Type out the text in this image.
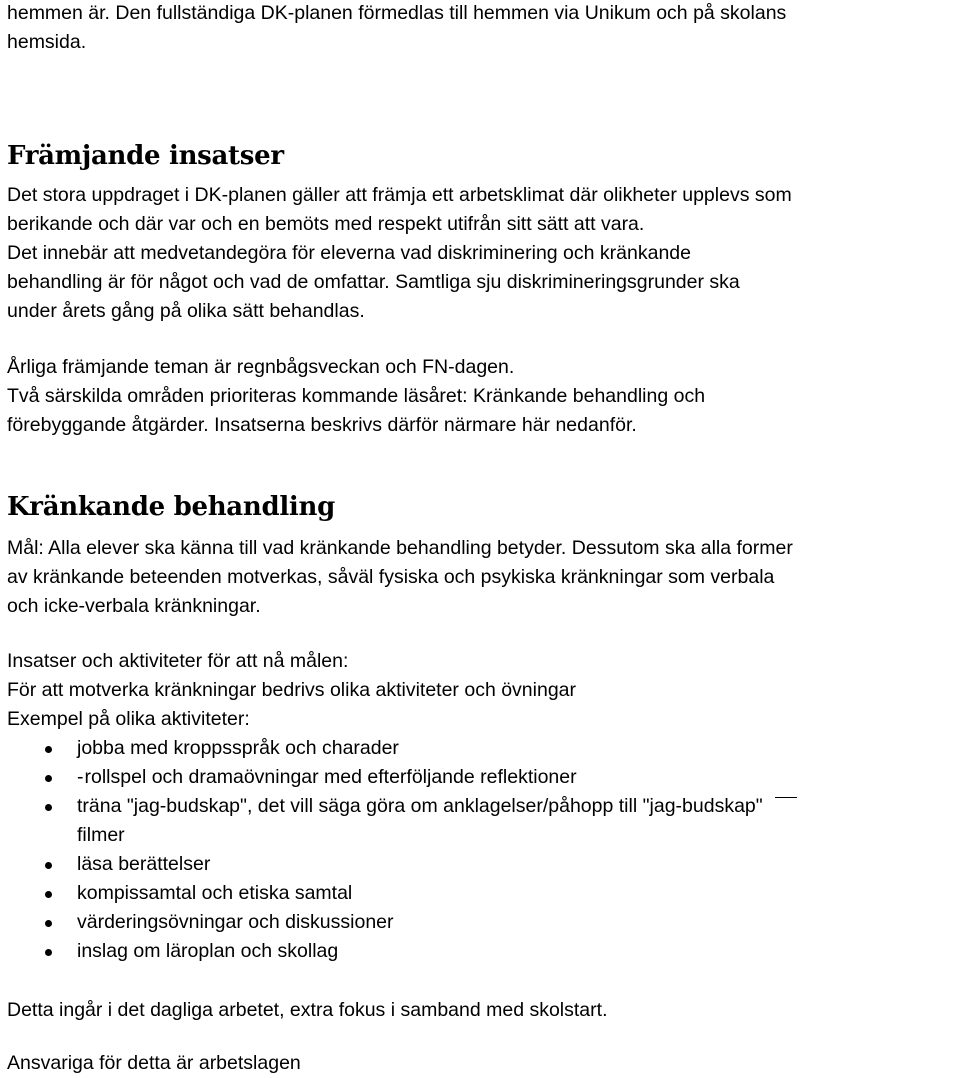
hemmen är. Den fullständiga DK-planen förmedlas till hemmen via Unikum och på skolans

hemsida.

Främjande insatser

Det stora uppdraget i DK-planen gäller att främja ett arbetsklimat där olikheter upplevs som

berikande och där var och en bemöts med respekt utifrån sitt sätt att vara.

Det innebär att medvetandegöra för eleverna vad diskriminering och kränkande

behandling är för något och vad de omfattar. Samtliga sju diskrimineringsgrunder ska

under årets gång på olika sätt behandlas.

Årliga främjande teman är regnbågsveckan och FN-dagen.

Två särskilda områden prioriteras kommande läsåret: Kränkande behandling och

förebyggande åtgärder. Insatserna beskrivs därför närmare här nedanför.

Kränkande behandling

Mål: Alla elever ska känna till vad kränkande behandling betyder. Dessutom ska alla former

av kränkande beteenden motverkas, såväl fysiska och psykiska kränkningar som verbala

och icke-verbala kränkningar.

Insatser och aktiviteter för att nå målen:

För att motverka kränkningar bedrivs olika aktiviteter och övningar

Exempel på olika aktiviteter:

jobba med kroppsspråk och charader
-rollspel och dramaövningar med efterföljande reflektioner
träna "jag-budskap", det vill säga göra om anklagelser/påhopp till "jag-budskap"
filmer
läsa berättelser
kompissamtal och etiska samtal
värderingsövningar och diskussioner
inslag om läroplan och skollag

Detta ingår i det dagliga arbetet, extra fokus i samband med skolstart.

Ansvariga för detta är arbetslagen
